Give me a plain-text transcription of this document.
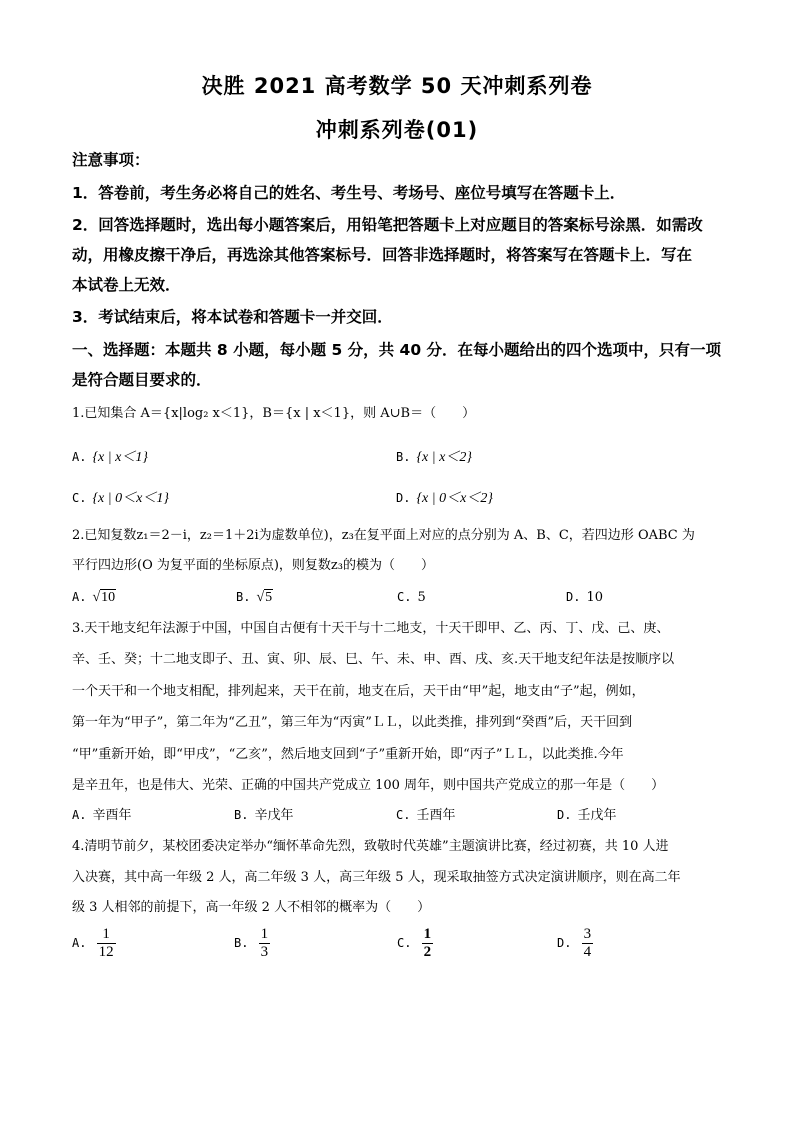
决胜 2021 高考数学 50 天冲刺系列卷
冲刺系列卷(01)
注意事项：
1．答卷前，考生务必将自己的姓名、考生号、考场号、座位号填写在答题卡上．
2．回答选择题时，选出每小题答案后，用铅笔把答题卡上对应题目的答案标号涂黑．如需改
动，用橡皮擦干净后，再选涂其他答案标号．回答非选择题时，将答案写在答题卡上．写在
本试卷上无效．
3．考试结束后，将本试卷和答题卡一并交回．
一、选择题：本题共 8 小题，每小题 5 分，共 40 分．在每小题给出的四个选项中，只有一项
是符合题目要求的．
1.已知集合 A＝{x|log₂ x＜1}，B＝{x | x＜1}，则 A∪B＝（　　）
A. {x | x＜1}	B. {x | x＜2}
C. {x | 0＜x＜1}	D. {x | 0＜x＜2}
2.已知复数z₁＝2－i，z₂＝1＋2i为虚数单位)，z₃在复平面上对应的点分别为 A、B、C，若四边形 OABC 为
平行四边形(O 为复平面的坐标原点)，则复数z₃的模为（　　）
A. √10	B. √5	C. 5	D. 10
3.天干地支纪年法源于中国，中国自古便有十天干与十二地支，十天干即甲、乙、丙、丁、戊、己、庚、
辛、壬、癸；十二地支即子、丑、寅、卯、辰、巳、午、未、申、酉、戌、亥.天干地支纪年法是按顺序以
一个天干和一个地支相配，排列起来，天干在前，地支在后，天干由“甲”起，地支由“子”起，例如，
第一年为“甲子”，第二年为“乙丑”，第三年为“丙寅”ＬＬ，以此类推，排列到“癸酉”后，天干回到
“甲”重新开始，即“甲戌”，“乙亥”，然后地支回到“子”重新开始，即“丙子”ＬＬ，以此类推.今年
是辛丑年，也是伟大、光荣、正确的中国共产党成立 100 周年，则中国共产党成立的那一年是（　　）
A. 辛酉年	B. 辛戊年	C. 壬酉年	D. 壬戊年
4.清明节前夕，某校团委决定举办“缅怀革命先烈，致敬时代英雄”主题演讲比赛，经过初赛，共 10 人进
入决赛，其中高一年级 2 人，高二年级 3 人，高三年级 5 人，现采取抽签方式决定演讲顺序，则在高二年
级 3 人相邻的前提下，高一年级 2 人不相邻的概率为（　　）
A. $\frac{1}{12}$	B. $\frac{1}{3}$	C. $\frac{1}{2}$	D. $\frac{3}{4}$
